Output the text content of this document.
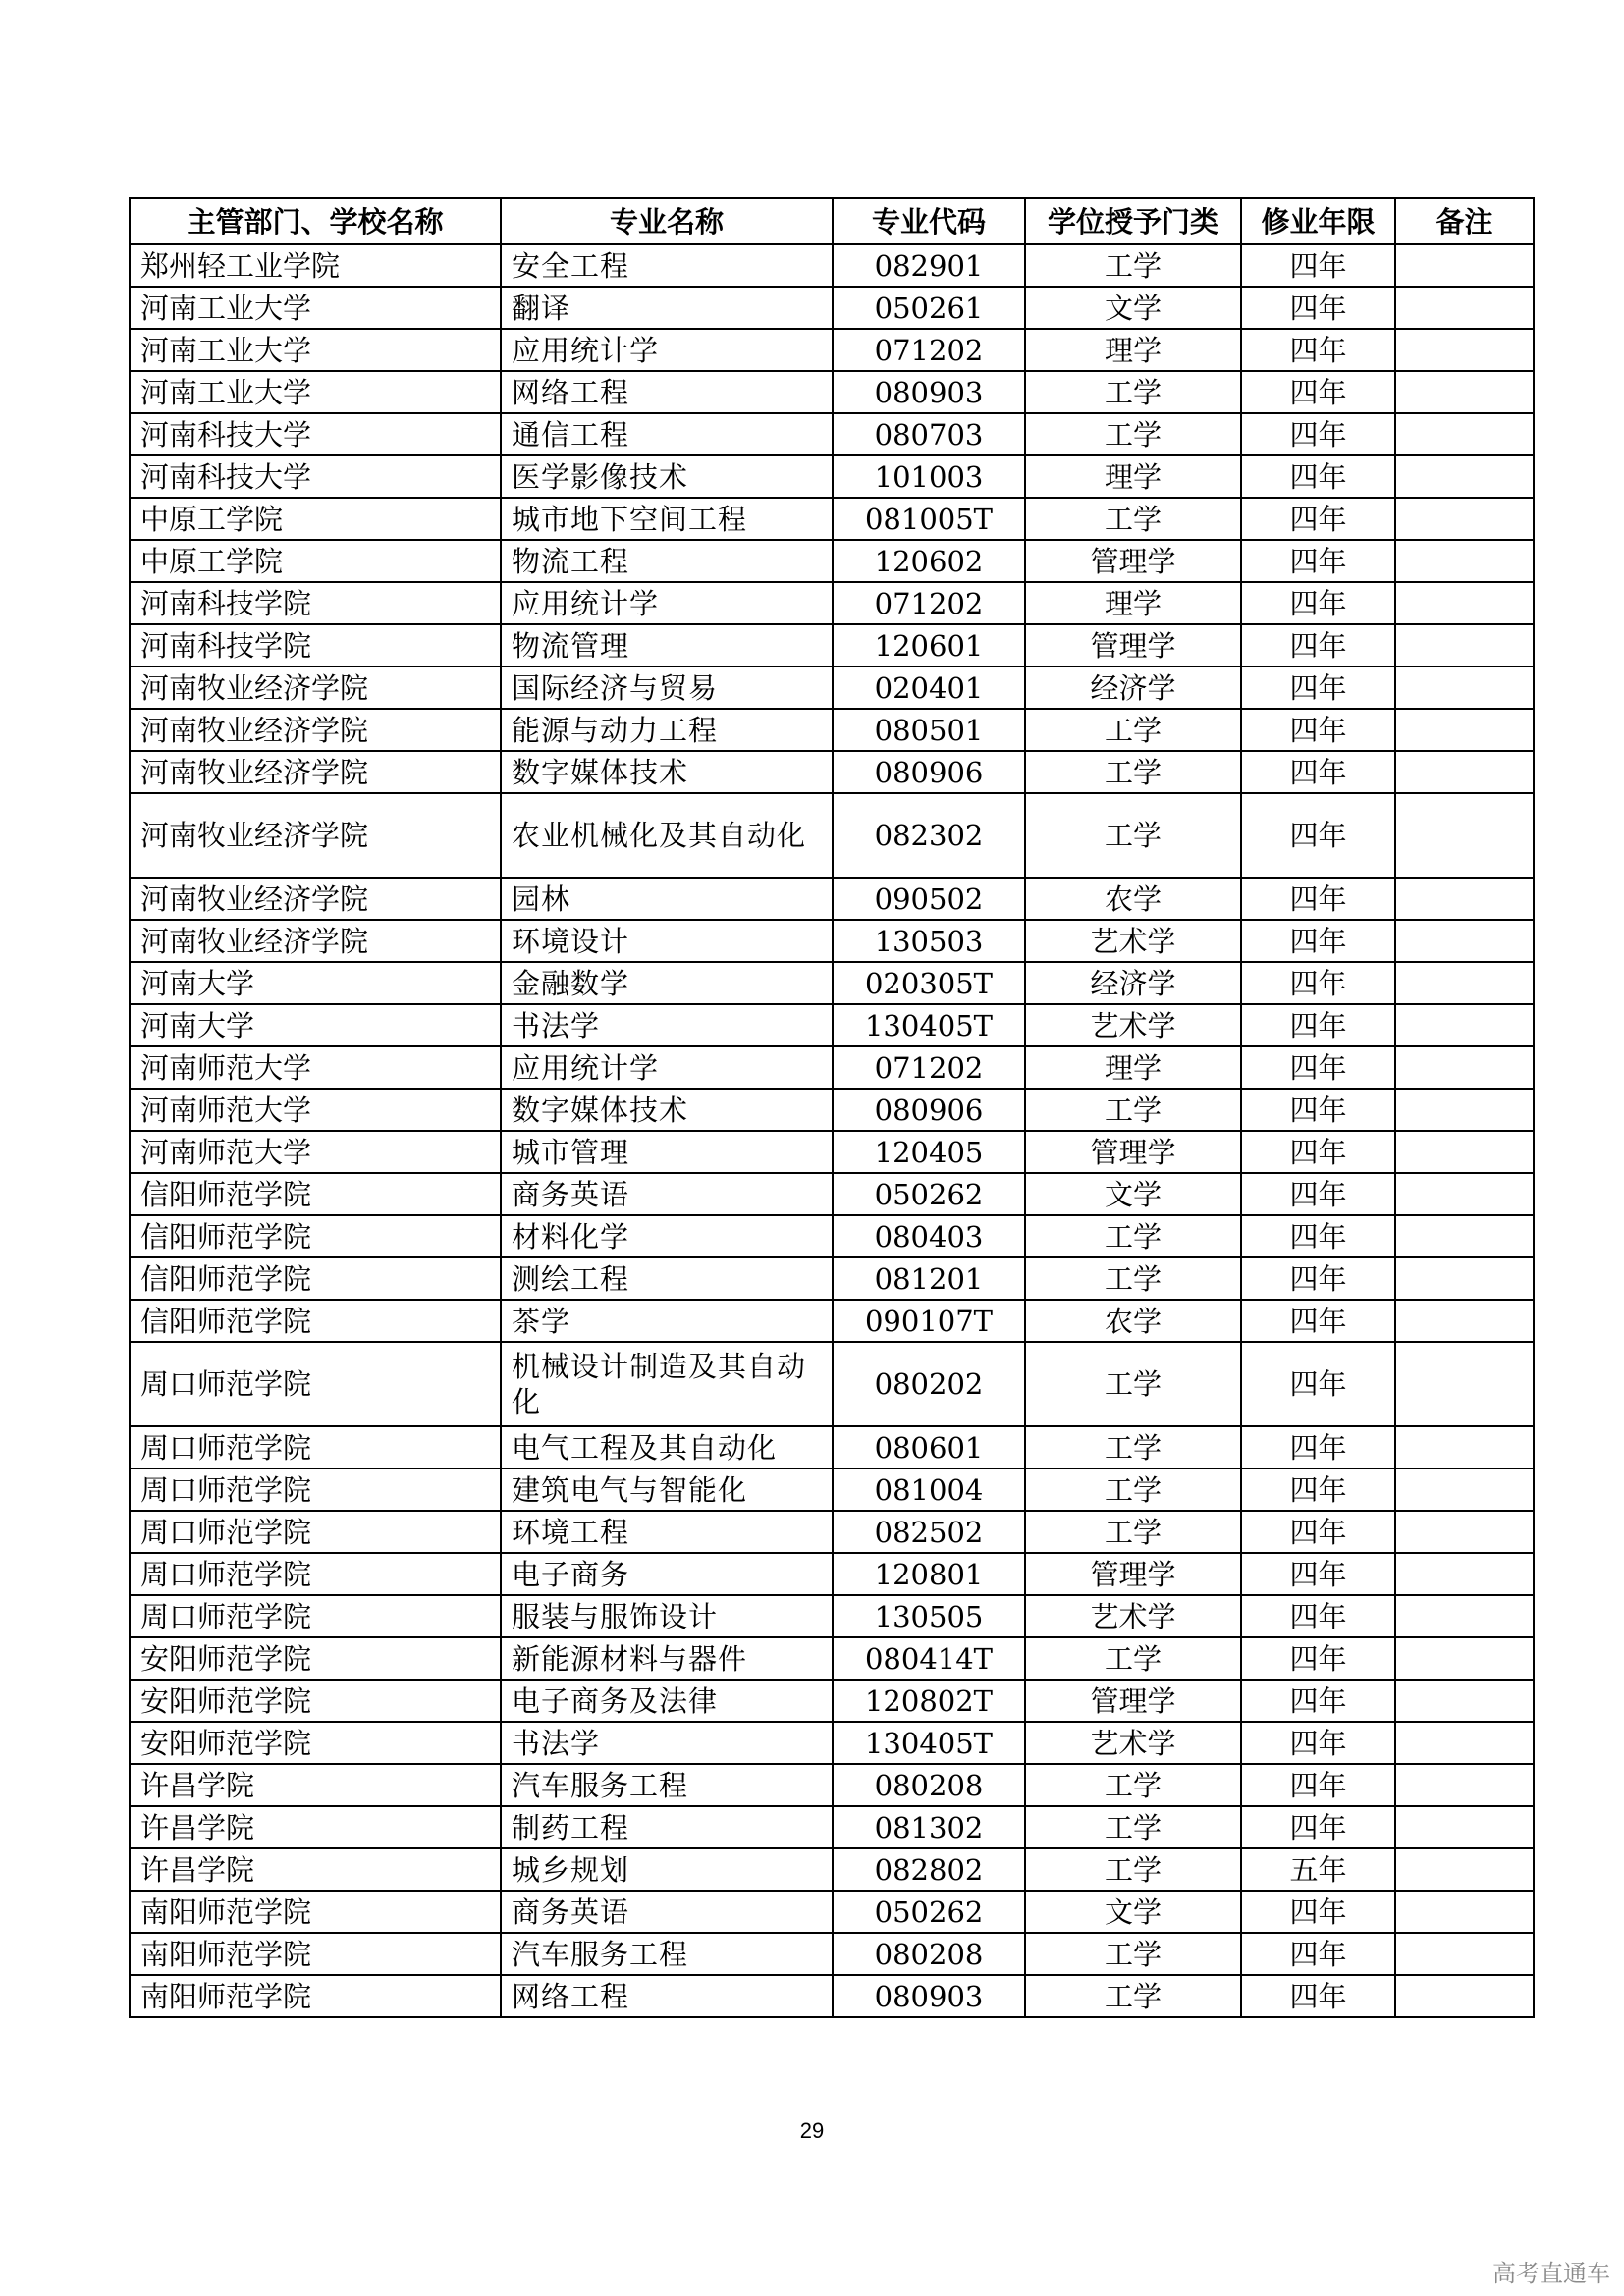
主管部门、学校名称	专业名称	专业代码	学位授予门类	修业年限	备注
郑州轻工业学院	安全工程	082901	工学	四年	
河南工业大学	翻译	050261	文学	四年	
河南工业大学	应用统计学	071202	理学	四年	
河南工业大学	网络工程	080903	工学	四年	
河南科技大学	通信工程	080703	工学	四年	
河南科技大学	医学影像技术	101003	理学	四年	
中原工学院	城市地下空间工程	081005T	工学	四年	
中原工学院	物流工程	120602	管理学	四年	
河南科技学院	应用统计学	071202	理学	四年	
河南科技学院	物流管理	120601	管理学	四年	
河南牧业经济学院	国际经济与贸易	020401	经济学	四年	
河南牧业经济学院	能源与动力工程	080501	工学	四年	
河南牧业经济学院	数字媒体技术	080906	工学	四年	
河南牧业经济学院	农业机械化及其自动化	082302	工学	四年	
河南牧业经济学院	园林	090502	农学	四年	
河南牧业经济学院	环境设计	130503	艺术学	四年	
河南大学	金融数学	020305T	经济学	四年	
河南大学	书法学	130405T	艺术学	四年	
河南师范大学	应用统计学	071202	理学	四年	
河南师范大学	数字媒体技术	080906	工学	四年	
河南师范大学	城市管理	120405	管理学	四年	
信阳师范学院	商务英语	050262	文学	四年	
信阳师范学院	材料化学	080403	工学	四年	
信阳师范学院	测绘工程	081201	工学	四年	
信阳师范学院	茶学	090107T	农学	四年	
周口师范学院	机械设计制造及其自动化	080202	工学	四年	
周口师范学院	电气工程及其自动化	080601	工学	四年	
周口师范学院	建筑电气与智能化	081004	工学	四年	
周口师范学院	环境工程	082502	工学	四年	
周口师范学院	电子商务	120801	管理学	四年	
周口师范学院	服装与服饰设计	130505	艺术学	四年	
安阳师范学院	新能源材料与器件	080414T	工学	四年	
安阳师范学院	电子商务及法律	120802T	管理学	四年	
安阳师范学院	书法学	130405T	艺术学	四年	
许昌学院	汽车服务工程	080208	工学	四年	
许昌学院	制药工程	081302	工学	四年	
许昌学院	城乡规划	082802	工学	五年	
南阳师范学院	商务英语	050262	文学	四年	
南阳师范学院	汽车服务工程	080208	工学	四年	
南阳师范学院	网络工程	080903	工学	四年	
29
高考直通车
